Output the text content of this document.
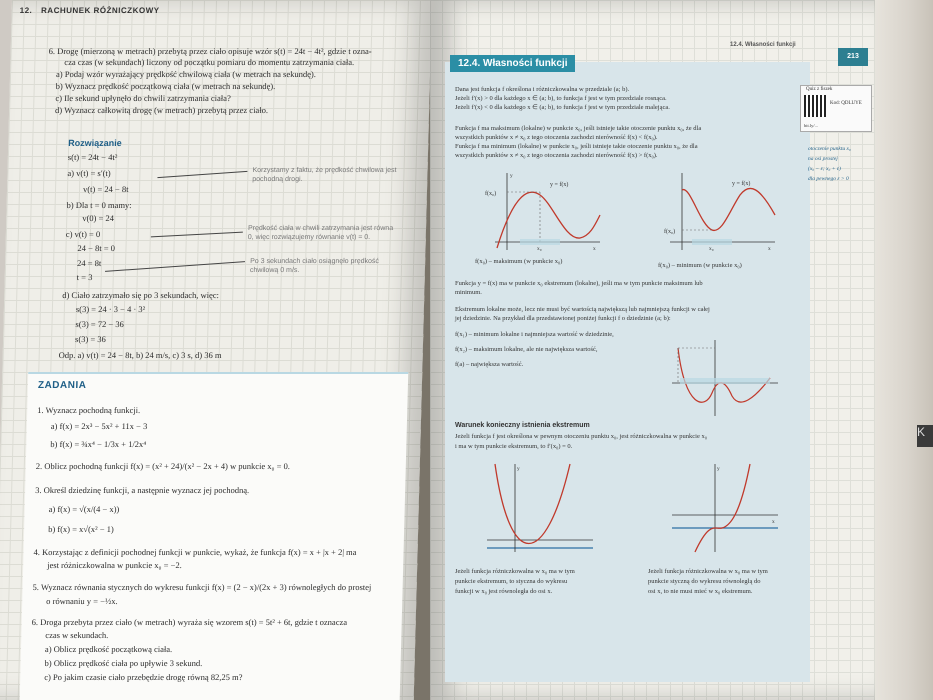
K
12. RACHUNEK RÓŻNICZKOWY
6. Drogę (mierzoną w metrach) przebytą przez ciało opisuje wzór s(t) = 24t − 4t², gdzie t ozna-
cza czas (w sekundach) liczony od początku pomiaru do momentu zatrzymania ciała.
a) Podaj wzór wyrażający prędkość chwilową ciała (w metrach na sekundę).
b) Wyznacz prędkość początkową ciała (w metrach na sekundę).
c) Ile sekund upłynęło do chwili zatrzymania ciała?
d) Wyznacz całkowitą drogę (w metrach) przebytą przez ciało.
Rozwiązanie
s(t) = 24t − 4t²
a) v(t) = s′(t)
v(t) = 24 − 8t
b) Dla t = 0 mamy:
v(0) = 24
c) v(t) = 0
24 − 8t = 0
24 = 8t
t = 3
d) Ciało zatrzymało się po 3 sekundach, więc:
s(3) = 24 · 3 − 4 · 3²
s(3) = 72 − 36
s(3) = 36
Odp. a) v(t) = 24 − 8t, b) 24 m/s, c) 3 s, d) 36 m
Korzystamy z faktu, że prędkość chwilowa jest pochodną drogi.
Prędkość ciała w chwili zatrzymania jest równa 0, więc rozwiązujemy równanie v(t) = 0.
Po 3 sekundach ciało osiągnęło prędkość chwilową 0 m/s.
ZADANIA
1. Wyznacz pochodną funkcji.
a) f(x) = 2x³ − 5x² + 11x − 3
b) f(x) = ¾x⁴ − 1/3x + 1/2x⁴
2. Oblicz pochodną funkcji f(x) = (x² + 24)/(x² − 2x + 4) w punkcie x₀ = 0.
3. Określ dziedzinę funkcji, a następnie wyznacz jej pochodną.
a) f(x) = √(x/(4 − x))
b) f(x) = x√(x² − 1)
4. Korzystając z definicji pochodnej funkcji w punkcie, wykaż, że funkcja f(x) = x + |x + 2| ma
jest różniczkowalna w punkcie x₀ = −2.
5. Wyznacz równania stycznych do wykresu funkcji f(x) = (2 − x)/(2x + 3) równoległych do prostej
o równaniu y = −½x.
6. Droga przebyta przez ciało (w metrach) wyraża się wzorem s(t) = 5t² + 6t, gdzie t oznacza
czas w sekundach.
a) Oblicz prędkość początkową ciała.
b) Oblicz prędkość ciała po upływie 3 sekund.
c) Po jakim czasie ciało przebędzie drogę równą 82,25 m?
12.4. Własności funkcji
213
12.4. Własności funkcji
Dana jest funkcja f określona i różniczkowalna w przedziale (a; b).
Jeżeli f′(x) > 0 dla każdego x ∈ (a; b), to funkcja f jest w tym przedziale rosnąca.
Jeżeli f′(x) < 0 dla każdego x ∈ (a; b), to funkcja f jest w tym przedziale malejąca.
Funkcja f ma maksimum (lokalne) w punkcie x₀, jeśli istnieje takie otoczenie punktu x₀, że dla
wszystkich punktów x ≠ x₀ z tego otoczenia zachodzi nierówność f(x) < f(x₀).
Funkcja f ma minimum (lokalne) w punkcie x₀, jeśli istnieje takie otoczenie punktu x₀, że dla
wszystkich punktów x ≠ x₀ z tego otoczenia zachodzi nierówność f(x) > f(x₀).
f(x₀)
y = f(x)
x₀	x
y
f(x₀) – maksimum (w punkcie x₀)
f(x₀)
y = f(x)
x₀	x
f(x₀) – minimum (w punkcie x₀)
Funkcja y = f(x) ma w punkcie x₀ ekstremum (lokalne), jeśli ma w tym punkcie maksimum lub
minimum.
Ekstremum lokalne może, lecz nie musi być wartością największą lub najmniejszą funkcji w całej
jej dziedzinie. Na przykład dla przedstawionej poniżej funkcji f o dziedzinie (a; b):
f(x₁) – minimum lokalne i najmniejsza wartość w dziedzinie,
f(x₂) – maksimum lokalne, ale nie największa wartość,
f(a) – największa wartość.
Warunek konieczny istnienia ekstremum
Jeżeli funkcja f jest określona w pewnym otoczeniu punktu x₀, jest różniczkowalna w punkcie x₀
i ma w tym punkcie ekstremum, to f′(x₀) = 0.
y	y
x
Jeżeli funkcja różniczkowalna w x₀ ma w tym
punkcie ekstremum, to styczna do wykresu
funkcji w x₀ jest równoległa do osi x.
Jeżeli funkcja różniczkowalna w x₀ ma w tym
punkcie styczną do wykresu równoległą do
osi x, to nie musi mieć w x₀ ekstremum.
Quiz z fiszek
Kod: QDLUYE
bit.ly/...
otoczenie punktu x₀
na osi prostej
(x₀ − ε; x₀ + ε)
dla pewnego ε > 0
